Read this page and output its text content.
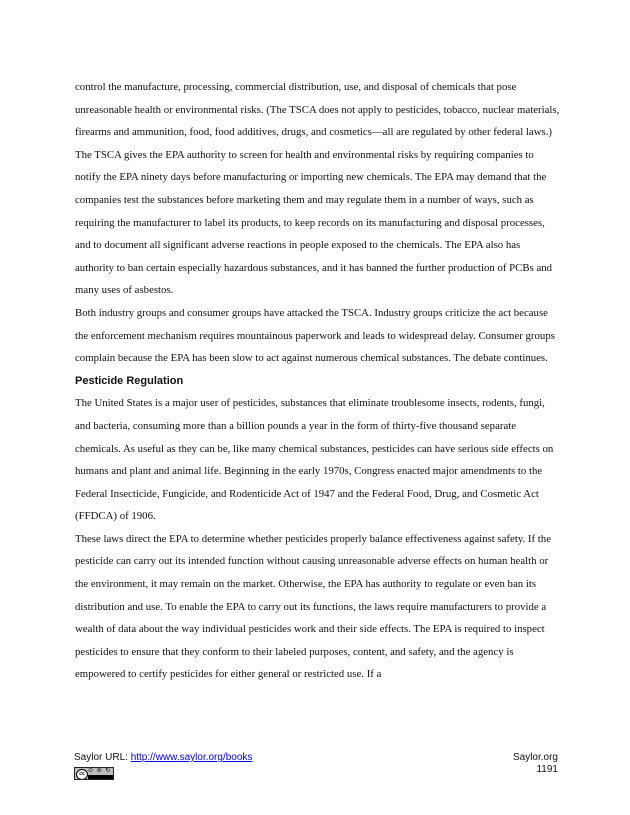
control the manufacture, processing, commercial distribution, use, and disposal of chemicals that pose unreasonable health or environmental risks. (The TSCA does not apply to pesticides, tobacco, nuclear materials, firearms and ammunition, food, food additives, drugs, and cosmetics—all are regulated by other federal laws.)

The TSCA gives the EPA authority to screen for health and environmental risks by requiring companies to notify the EPA ninety days before manufacturing or importing new chemicals. The EPA may demand that the companies test the substances before marketing them and may regulate them in a number of ways, such as requiring the manufacturer to label its products, to keep records on its manufacturing and disposal processes, and to document all significant adverse reactions in people exposed to the chemicals. The EPA also has authority to ban certain especially hazardous substances, and it has banned the further production of PCBs and many uses of asbestos.

Both industry groups and consumer groups have attacked the TSCA. Industry groups criticize the act because the enforcement mechanism requires mountainous paperwork and leads to widespread delay. Consumer groups complain because the EPA has been slow to act against numerous chemical substances. The debate continues.

Pesticide Regulation

The United States is a major user of pesticides, substances that eliminate troublesome insects, rodents, fungi, and bacteria, consuming more than a billion pounds a year in the form of thirty-five thousand separate chemicals. As useful as they can be, like many chemical substances, pesticides can have serious side effects on humans and plant and animal life. Beginning in the early 1970s, Congress enacted major amendments to the Federal Insecticide, Fungicide, and Rodenticide Act of 1947 and the Federal Food, Drug, and Cosmetic Act (FFDCA) of 1906.

These laws direct the EPA to determine whether pesticides properly balance effectiveness against safety. If the pesticide can carry out its intended function without causing unreasonable adverse effects on human health or the environment, it may remain on the market. Otherwise, the EPA has authority to regulate or even ban its distribution and use. To enable the EPA to carry out its functions, the laws require manufacturers to provide a wealth of data about the way individual pesticides work and their side effects. The EPA is required to inspect pesticides to ensure that they conform to their labeled purposes, content, and safety, and the agency is empowered to certify pesticides for either general or restricted use. If a

Saylor URL: http://www.saylor.org/books
cc ⊙ ⊘ ↻
Saylor.org
1191
